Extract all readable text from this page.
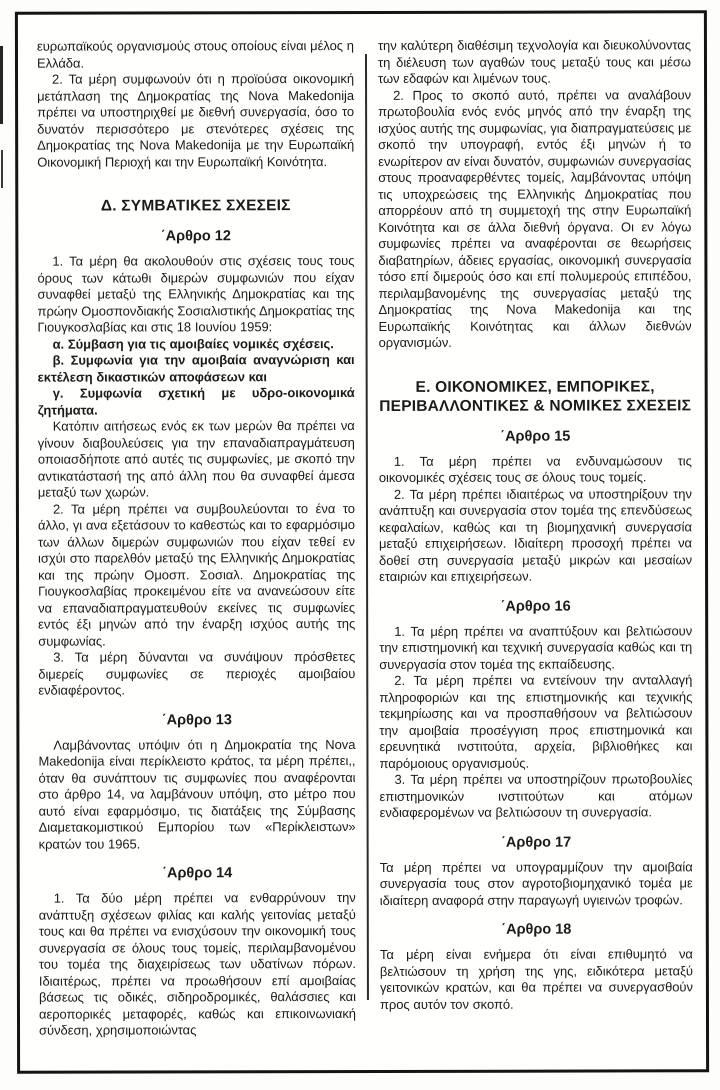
ευρωπαϊκούς οργανισμούς στους οποίους είναι μέλος η Ελλάδα.

2. Τα μέρη συμφωνούν ότι η προϊούσα οικονομική μετάπλαση της Δημοκρατίας της Nova Makedonija πρέπει να υποστηριχθεί με διεθνή συνεργασία, όσο το δυνατόν περισσότερο με στενότερες σχέσεις της Δημοκρατίας της Nova Makedonija με την Ευρωπαϊκή Οικονομική Περιοχή και την Ευρωπαϊκή Κοινότητα.

Δ. ΣΥΜΒΑΤΙΚΕΣ ΣΧΕΣΕΙΣ
΄Αρθρο 12

1. Τα μέρη θα ακολουθούν στις σχέσεις τους τους όρους των κάτωθι διμερών συμφωνιών που είχαν συναφθεί μεταξύ της Ελληνικής Δημοκρατίας και της πρώην Ομοσπονδιακής Σοσιαλιστικής Δημοκρατίας της Γιουγκοσλαβίας και στις 18 Ιουνίου 1959:

α. Σύμβαση για τις αμοιβαίες νομικές σχέσεις.

β. Συμφωνία για την αμοιβαία αναγνώριση και εκτέλεση δικαστικών αποφάσεων και

γ. Συμφωνία σχετική με υδρο-οικονομικά ζητήματα.

Κατόπιν αιτήσεως ενός εκ των μερών θα πρέπει να γίνουν διαβουλεύσεις για την επαναδιαπραγμάτευση οποιασδήποτε από αυτές τις συμφωνίες, με σκοπό την αντικατάστασή της από άλλη που θα συναφθεί άμεσα μεταξύ των χωρών.

2. Τα μέρη πρέπει να συμβουλεύονται το ένα το άλλο, γι ανα εξετάσουν το καθεστώς και το εφαρμόσιμο των άλλων διμερών συμφωνιών που είχαν τεθεί εν ισχύι στο παρελθόν μεταξύ της Ελληνικής Δημοκρατίας και της πρώην Ομοσπ. Σοσιαλ. Δημοκρατίας της Γιουγκοσλαβίας προκειμένου είτε να ανανεώσουν είτε να επαναδιαπραγματευθούν εκείνες τις συμφωνίες εντός έξι μηνών από την έναρξη ισχύος αυτής της συμφωνίας.

3. Τα μέρη δύνανται να συνάψουν πρόσθετες διμερείς συμφωνίες σε περιοχές αμοιβαίου ενδιαφέροντος.

΄Αρθρο 13

Λαμβάνοντας υπόψιν ότι η Δημοκρατία της Nova Makedonija είναι περίκλειστο κράτος, τα μέρη πρέπει,, όταν θα συνάπτουν τις συμφωνίες που αναφέρονται στο άρθρο 14, να λαμβάνουν υπόψη, στο μέτρο που αυτό είναι εφαρμόσιμο, τις διατάξεις της Σύμβασης Διαμετακομιστικού Εμπορίου των «Περίκλειστων» κρατών του 1965.

΄Αρθρο 14

1. Τα δύο μέρη πρέπει να ενθαρρύνουν την ανάπτυξη σχέσεων φιλίας και καλής γειτονίας μεταξύ τους και θα πρέπει να ενισχύσουν την οικονομική τους συνεργασία σε όλους τους τομείς, περιλαμβανομένου του τομέα της διαχειρίσεως των υδατίνων πόρων. Ιδιαιτέρως, πρέπει να προωθήσουν επί αμοιβαίας βάσεως τις οδικές, σιδηροδρομικές, θαλάσσιες και αεροπορικές μεταφορές, καθώς και επικοινωνιακή σύνδεση, χρησιμοποιώντας

την καλύτερη διαθέσιμη τεχνολογία και διευκολύνοντας τη διέλευση των αγαθών τους μεταξύ τους και μέσω των εδαφών και λιμένων τους.

2. Προς το σκοπό αυτό, πρέπει να αναλάβουν πρωτοβουλία ενός ενός μηνός από την έναρξη της ισχύος αυτής της συμφωνίας, για διαπραγματεύσεις με σκοπό την υπογραφή, εντός έξι μηνών ή το ενωρίτερον αν είναι δυνατόν, συμφωνιών συνεργασίας στους προαναφερθέντες τομείς, λαμβάνοντας υπόψη τις υποχρεώσεις της Ελληνικής Δημοκρατίας που απορρέουν από τη συμμετοχή της στην Ευρωπαϊκή Κοινότητα και σε άλλα διεθνή όργανα. Οι εν λόγω συμφωνίες πρέπει να αναφέρονται σε θεωρήσεις διαβατηρίων, άδειες εργασίας, οικονομική συνεργασία τόσο επί διμερούς όσο και επί πολυμερούς επιπέδου, περιλαμβανομένης της συνεργασίας μεταξύ της Δημοκρατίας της Nova Makedonija και της Ευρωπαϊκής Κοινότητας και άλλων διεθνών οργανισμών.

Ε. ΟΙΚΟΝΟΜΙΚΕΣ, ΕΜΠΟΡΙΚΕΣ, ΠΕΡΙΒΑΛΛΟΝΤΙΚΕΣ & ΝΟΜΙΚΕΣ ΣΧΕΣΕΙΣ
΄Αρθρο 15

1. Τα μέρη πρέπει να ενδυναμώσουν τις οικονομικές σχέσεις τους σε όλους τους τομείς.

2. Τα μέρη πρέπει ιδιαιτέρως να υποστηρίξουν την ανάπτυξη και συνεργασία στον τομέα της επενδύσεως κεφαλαίων, καθώς και τη βιομηχανική συνεργασία μεταξύ επιχειρήσεων. Ιδιαίτερη προσοχή πρέπει να δοθεί στη συνεργασία μεταξύ μικρών και μεσαίων εταιριών και επιχειρήσεων.

΄Αρθρο 16

1. Τα μέρη πρέπει να αναπτύξουν και βελτιώσουν την επιστημονική και τεχνική συνεργασία καθώς και τη συνεργασία στον τομέα της εκπαίδευσης.

2. Τα μέρη πρέπει να εντείνουν την ανταλλαγή πληροφοριών και της επιστημονικής και τεχνικής τεκμηρίωσης και να προσπαθήσουν να βελτιώσουν την αμοιβαία προσέγγιση προς επιστημονικά και ερευνητικά ινστιτούτα, αρχεία, βιβλιοθήκες και παρόμοιους οργανισμούς.

3. Τα μέρη πρέπει να υποστηρίζουν πρωτοβουλίες επιστημονικών ινστιτούτων και ατόμων ενδιαφερομένων να βελτιώσουν τη συνεργασία.

΄Αρθρο 17

Τα μέρη πρέπει να υπογραμμίζουν την αμοιβαία συνεργασία τους στον αγροτοβιομηχανικό τομέα με ιδιαίτερη αναφορά στην παραγωγή υγιεινών τροφών.

΄Αρθρο 18

Τα μέρη είναι ενήμερα ότι είναι επιθυμητό να βελτιώσουν τη χρήση της γης, ειδικότερα μεταξύ γειτονικών κρατών, και θα πρέπει να συνεργασθούν προς αυτόν τον σκοπό.
